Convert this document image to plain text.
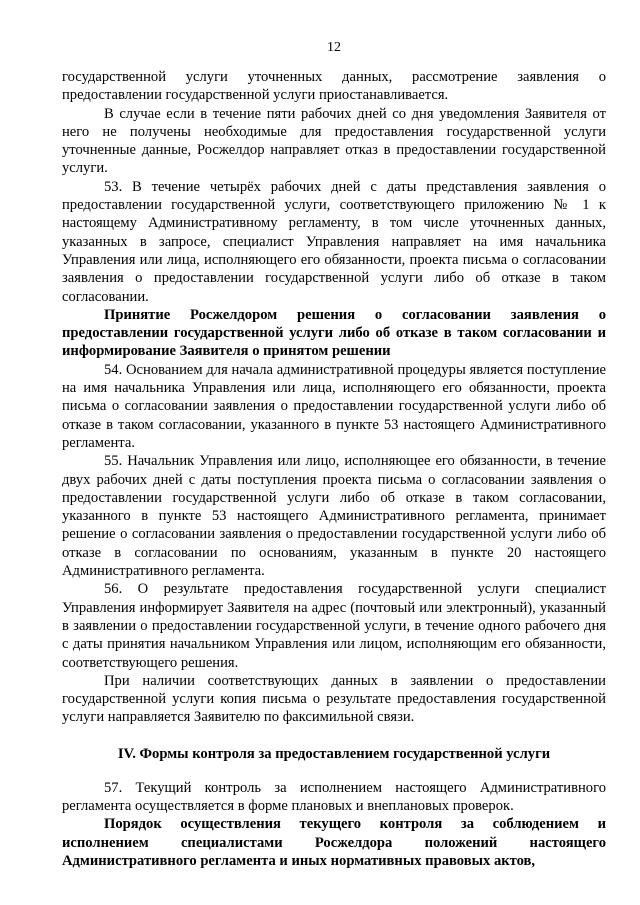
12

государственной услуги уточненных данных, рассмотрение заявления о предоставлении государственной услуги приостанавливается.

В случае если в течение пяти рабочих дней со дня уведомления Заявителя от него не получены необходимые для предоставления государственной услуги уточненные данные, Росжелдор направляет отказ в предоставлении государственной услуги.

53. В течение четырёх рабочих дней с даты представления заявления о предоставлении государственной услуги, соответствующего приложению № 1 к настоящему Административному регламенту, в том числе уточненных данных, указанных в запросе, специалист Управления направляет на имя начальника Управления или лица, исполняющего его обязанности, проекта письма о согласовании заявления о предоставлении государственной услуги либо об отказе в таком согласовании.

Принятие Росжелдором решения о согласовании заявления о предоставлении государственной услуги либо об отказе в таком согласовании и информирование Заявителя о принятом решении

54. Основанием для начала административной процедуры является поступление на имя начальника Управления или лица, исполняющего его обязанности, проекта письма о согласовании заявления о предоставлении государственной услуги либо об отказе в таком согласовании, указанного в пункте 53 настоящего Административного регламента.

55. Начальник Управления или лицо, исполняющее его обязанности, в течение двух рабочих дней с даты поступления проекта письма о согласовании заявления о предоставлении государственной услуги либо об отказе в таком согласовании, указанного в пункте 53 настоящего Административного регламента, принимает решение о согласовании заявления о предоставлении государственной услуги либо об отказе в согласовании по основаниям, указанным в пункте 20 настоящего Административного регламента.

56. О результате предоставления государственной услуги специалист Управления информирует Заявителя на адрес (почтовый или электронный), указанный в заявлении о предоставлении государственной услуги, в течение одного рабочего дня с даты принятия начальником Управления или лицом, исполняющим его обязанности, соответствующего решения.

При наличии соответствующих данных в заявлении о предоставлении государственной услуги копия письма о результате предоставления государственной услуги направляется Заявителю по факсимильной связи.

IV. Формы контроля за предоставлением государственной услуги

57. Текущий контроль за исполнением настоящего Административного регламента осуществляется в форме плановых и внеплановых проверок.

Порядок осуществления текущего контроля за соблюдением и исполнением специалистами Росжелдора положений настоящего Административного регламента и иных нормативных правовых актов,
